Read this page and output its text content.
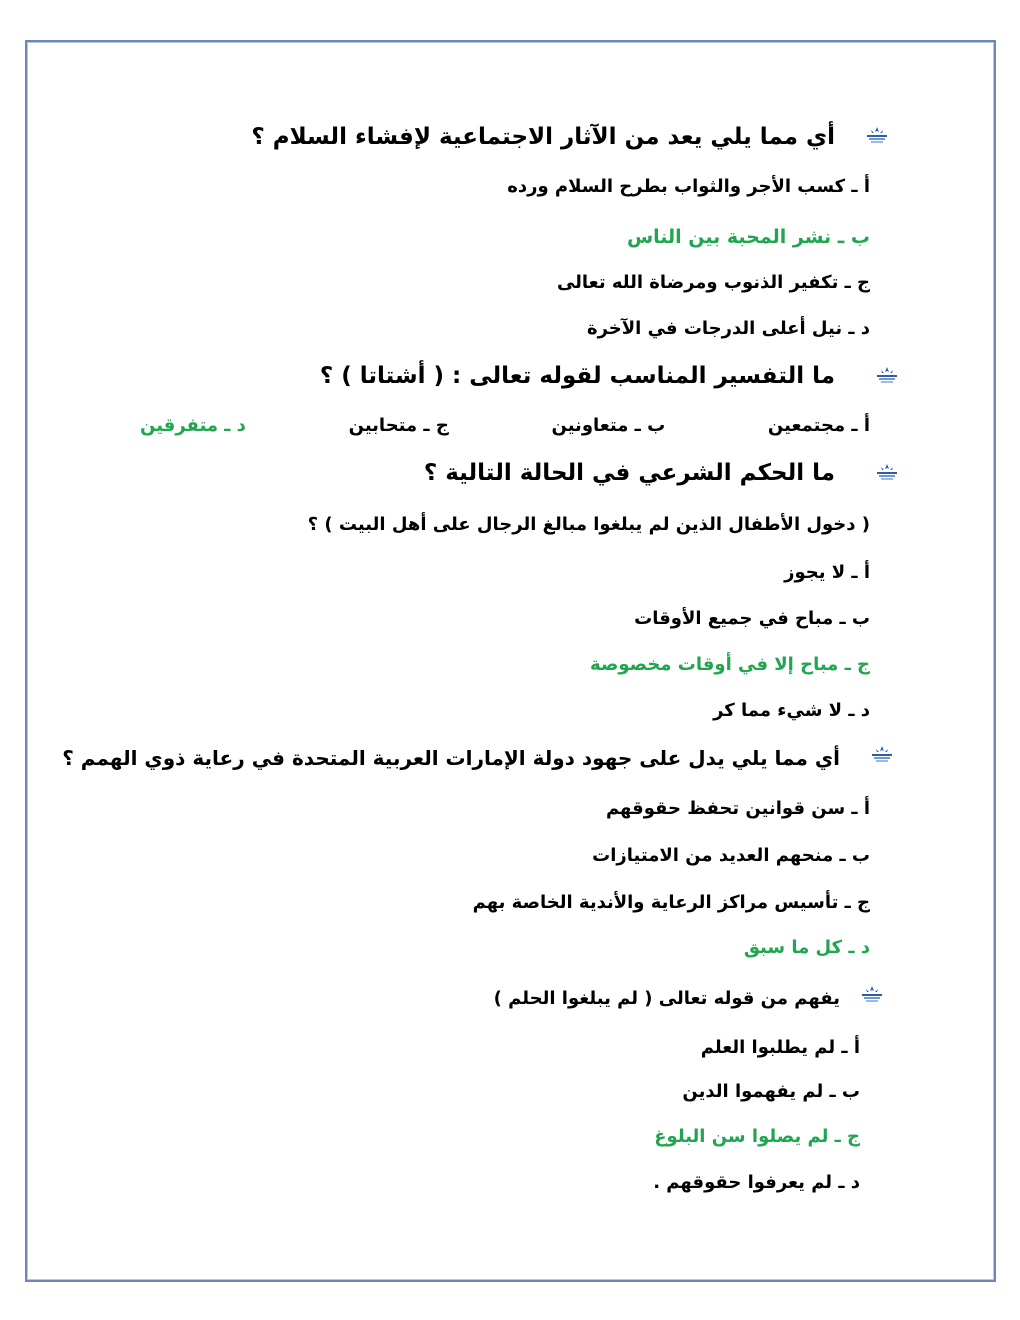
أي مما يلي يعد من الآثار الاجتماعية لإفشاء السلام ؟
أ ـ كسب الأجر والثواب بطرح السلام ورده
ب ـ نشر المحبة بين الناس
ج ـ تكفير الذنوب ومرضاة الله تعالى
د ـ نيل أعلى الدرجات في الآخرة
ما التفسير المناسب لقوله تعالى : ( أشتاتا ) ؟
أ ـ مجتمعين
ب ـ متعاونين
ج ـ متحابين
د ـ متفرقين
ما الحكم الشرعي في الحالة التالية ؟
( دخول الأطفال الذين لم يبلغوا مبالغ الرجال على أهل البيت ) ؟
أ ـ لا يجوز
ب ـ مباح في جميع الأوقات
ج ـ مباح إلا في أوقات مخصوصة
د ـ لا شيء مما كر
أي مما يلي يدل على جهود دولة الإمارات العربية المتحدة في رعاية ذوي الهمم ؟
أ ـ سن قوانين تحفظ حقوقهم
ب ـ منحهم العديد من الامتيازات
ج ـ تأسيس مراكز الرعاية والأندية الخاصة بهم
د ـ كل ما سبق
يفهم من قوله تعالى ( لم يبلغوا الحلم )
أ ـ لم يطلبوا العلم
ب ـ لم يفهموا الدين
ج ـ لم يصلوا سن البلوغ
د ـ لم يعرفوا حقوقهم .
